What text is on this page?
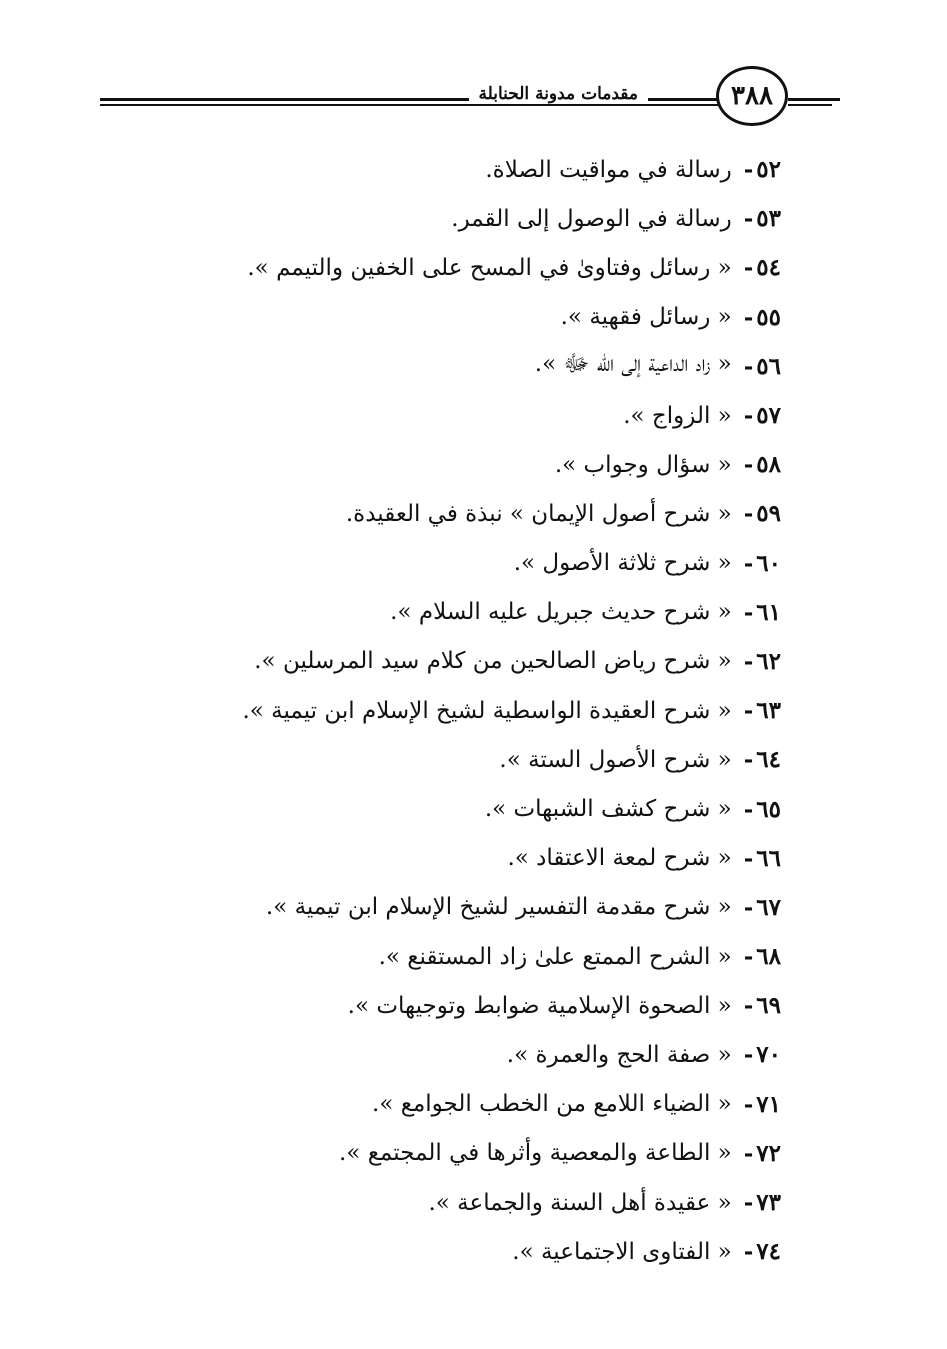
مقدمات مدونة الحنابلة	٣٨٨
٥٢ -
رسالة في مواقيت الصلاة.
٥٣ -
رسالة في الوصول إلى القمر.
٥٤ -
« رسائل وفتاوىٰ في المسح على الخفين والتيمم ».
٥٥ -
« رسائل فقهية ».
٥٦ -
« زاد الداعية إلى الله ﷻ ».
٥٧ -
« الزواج ».
٥٨ -
« سؤال وجواب ».
٥٩ -
« شرح أصول الإيمان » نبذة في العقيدة.
٦٠ -
« شرح ثلاثة الأصول ».
٦١ -
« شرح حديث جبريل عليه السلام ».
٦٢ -
« شرح رياض الصالحين من كلام سيد المرسلين ».
٦٣ -
« شرح العقيدة الواسطية لشيخ الإسلام ابن تيمية ».
٦٤ -
« شرح الأصول الستة ».
٦٥ -
« شرح كشف الشبهات ».
٦٦ -
« شرح لمعة الاعتقاد ».
٦٧ -
« شرح مقدمة التفسير لشيخ الإسلام ابن تيمية ».
٦٨ -
« الشرح الممتع علىٰ زاد المستقنع ».
٦٩ -
« الصحوة الإسلامية ضوابط وتوجيهات ».
٧٠ -
« صفة الحج والعمرة ».
٧١ -
« الضياء اللامع من الخطب الجوامع ».
٧٢ -
« الطاعة والمعصية وأثرها في المجتمع ».
٧٣ -
« عقيدة أهل السنة والجماعة ».
٧٤ -
« الفتاوى الاجتماعية ».
